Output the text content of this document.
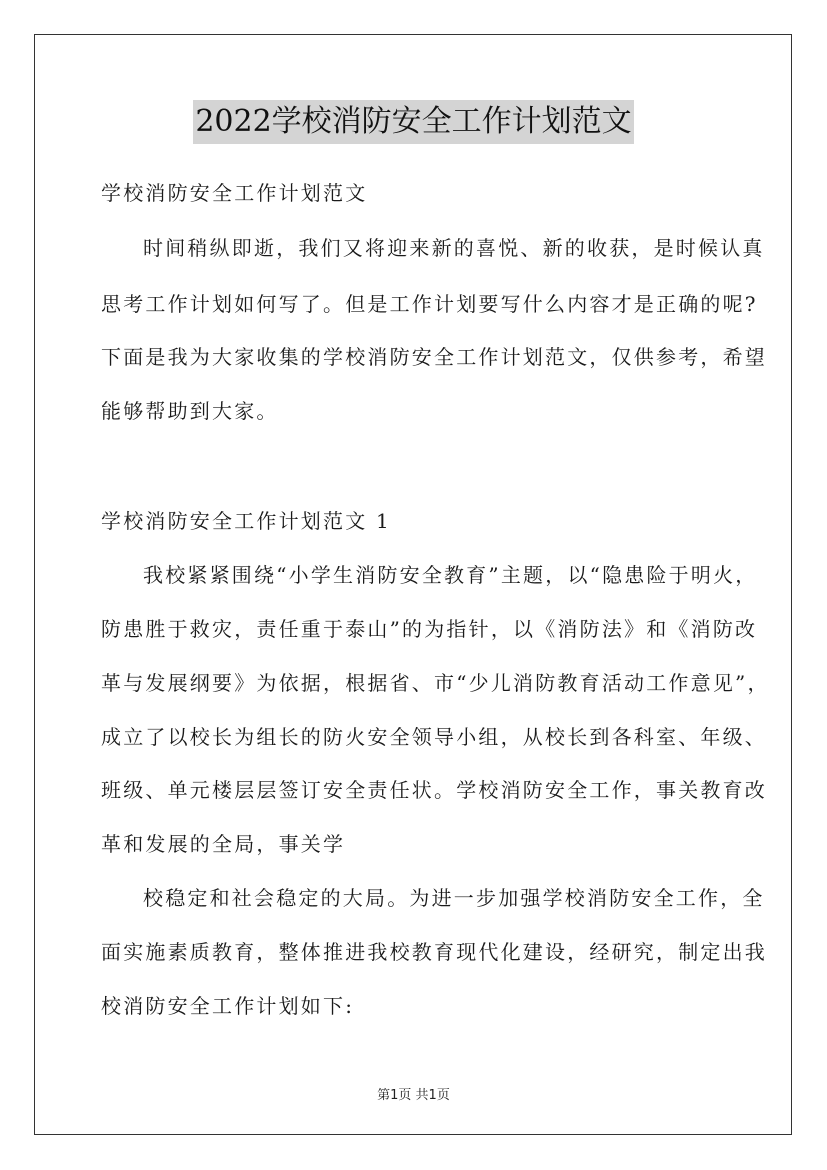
2022学校消防安全工作计划范文
学校消防安全工作计划范文
时间稍纵即逝，我们又将迎来新的喜悦、新的收获，是时候认真
思考工作计划如何写了。但是工作计划要写什么内容才是正确的呢?
下面是我为大家收集的学校消防安全工作计划范文，仅供参考，希望
能够帮助到大家。
学校消防安全工作计划范文 1
我校紧紧围绕“小学生消防安全教育”主题，以“隐患险于明火，
防患胜于救灾，责任重于泰山”的为指针，以《消防法》和《消防改
革与发展纲要》为依据，根据省、市“少儿消防教育活动工作意见”，
成立了以校长为组长的防火安全领导小组，从校长到各科室、年级、
班级、单元楼层层签订安全责任状。学校消防安全工作，事关教育改
革和发展的全局，事关学
校稳定和社会稳定的大局。为进一步加强学校消防安全工作，全
面实施素质教育，整体推进我校教育现代化建设，经研究，制定出我
校消防安全工作计划如下:
第1页 共1页
